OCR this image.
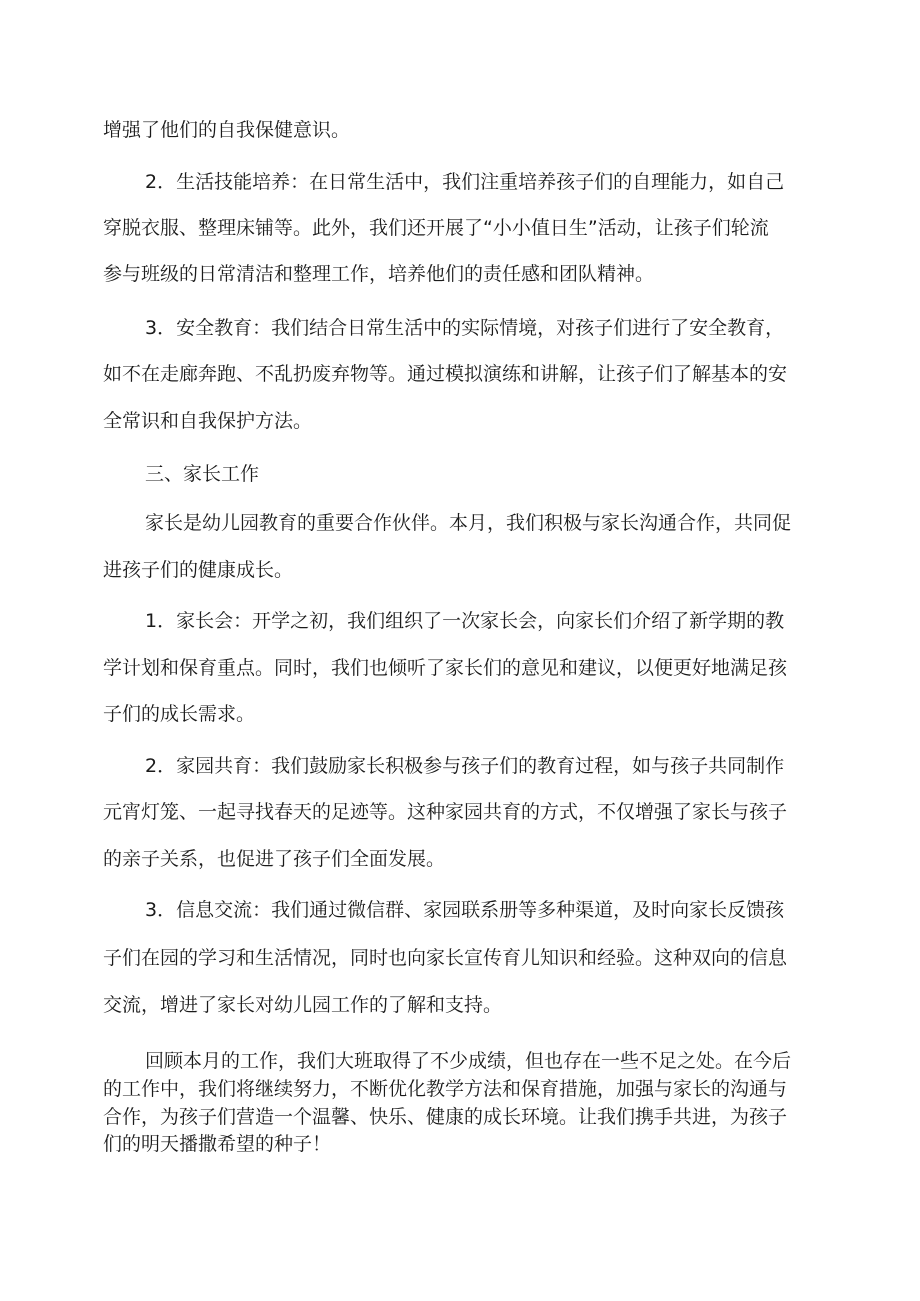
增强了他们的自我保健意识。

2．生活技能培养：在日常生活中，我们注重培养孩子们的自理能力，如自己

穿脱衣服、整理床铺等。此外，我们还开展了“小小值日生”活动，让孩子们轮流

参与班级的日常清洁和整理工作，培养他们的责任感和团队精神。

3．安全教育：我们结合日常生活中的实际情境，对孩子们进行了安全教育，

如不在走廊奔跑、不乱扔废弃物等。通过模拟演练和讲解，让孩子们了解基本的安

全常识和自我保护方法。

三、家长工作

家长是幼儿园教育的重要合作伙伴。本月，我们积极与家长沟通合作，共同促

进孩子们的健康成长。

1．家长会：开学之初，我们组织了一次家长会，向家长们介绍了新学期的教

学计划和保育重点。同时，我们也倾听了家长们的意见和建议，以便更好地满足孩

子们的成长需求。

2．家园共育：我们鼓励家长积极参与孩子们的教育过程，如与孩子共同制作

元宵灯笼、一起寻找春天的足迹等。这种家园共育的方式，不仅增强了家长与孩子

的亲子关系，也促进了孩子们全面发展。

3．信息交流：我们通过微信群、家园联系册等多种渠道，及时向家长反馈孩

子们在园的学习和生活情况，同时也向家长宣传育儿知识和经验。这种双向的信息

交流，增进了家长对幼儿园工作的了解和支持。

回顾本月的工作，我们大班取得了不少成绩，但也存在一些不足之处。在今后

的工作中，我们将继续努力，不断优化教学方法和保育措施，加强与家长的沟通与

合作，为孩子们营造一个温馨、快乐、健康的成长环境。让我们携手共进，为孩子

们的明天播撒希望的种子！
